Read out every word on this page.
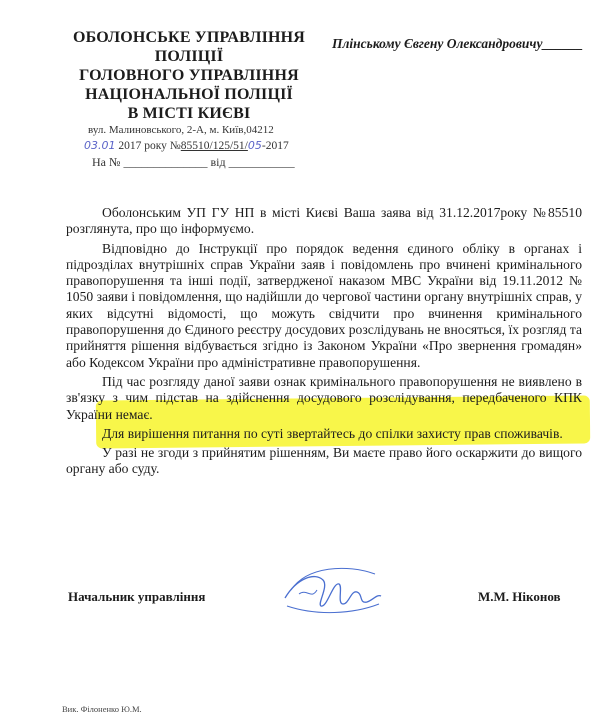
ОБОЛОНСЬКЕ УПРАВЛІННЯ
ПОЛІЦІЇ
ГОЛОВНОГО УПРАВЛІННЯ
НАЦІОНАЛЬНОЇ ПОЛІЦІЇ
В МІСТІ КИЄВІ
вул. Малиновського, 2-А, м. Київ,04212
03.01 2017 року №85510/125/51/05-2017
На № ______________ від ___________
Плінському Євгену Олександровичу______

Оболонським УП ГУ НП в місті Києві Ваша заява від 31.12.2017року №85510 розглянута, про що інформуємо.

Відповідно до Інструкції про порядок ведення єдиного обліку в органах і підрозділах внутрішніх справ України заяв і повідомлень про вчинені кримінального правопорушення та інші події, затвердженої наказом МВС України від 19.11.2012 № 1050 заяви і повідомлення, що надійшли до чергової частини органу внутрішніх справ, у яких відсутні відомості, що можуть свідчити про вчинення кримінального правопорушення до Єдиного реєстру досудових розслідувань не вносяться, їх розгляд та прийняття рішення відбувається згідно із Законом України «Про звернення громадян» або Кодексом України про адміністративне правопорушення.

Під час розгляду даної заяви ознак кримінального правопорушення не виявлено в зв'язку з чим підстав на здійснення досудового розслідування, передбаченого КПК України немає.

Для вирішення питання по суті звертайтесь до спілки захисту прав споживачів.

У разі не згоди з прийнятим рішенням, Ви маєте право його оскаржити до вищого органу або суду.

Начальник управління	М.М. Ніконов
Вик. Філоненко Ю.М.
